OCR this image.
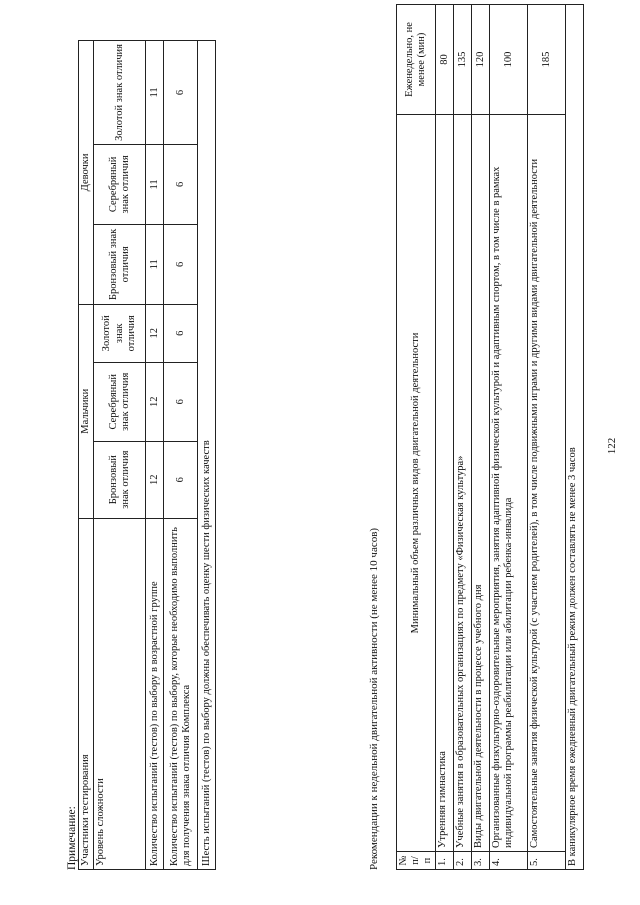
122
Примечание: Участники тестирования	Мальчики			Девочки		
Уровень сложности	Бронзовый знак отличия	Серебряный знак отличия	Золотой знак отличия	Бронзовый знак отличия	Серебряный знак отличия	Золотой знак отличия
Количество испытаний (тестов) по выбору в возрастной группе	12	12	12	11	11	11
Количество испытаний (тестов) по выбору, которые необходимо выполнить для получения знака отличия Комплекса	6	6	6	6	6	6
Шесть испытаний (тестов) по выбору должны обеспечивать оценку шести физических качеств							Рекомендации к недельной двигательной активности (не менее 10 часов) № п/п	Минимальный объем различных видов двигательной деятельности	Еженедельно, не менее (мин)
1.	Утренняя гимнастика	80
2.	Учебные занятия в образовательных организациях по предмету «Физическая культура»	135
3.	Виды двигательной деятельности в процессе учебного дня	120
4.	Организованные физкультурно-оздоровительные мероприятия, занятия адаптивной физической культурой и адаптивным спортом, в том числе в рамках индивидуальной программы реабилитации или абилитации ребенка-инвалида	100
5.	Самостоятельные занятия физической культурой (с участием родителей), в том числе подвижными играми и другими видами двигательной деятельности	185
В каникулярное время ежедневный двигательный режим должен составлять не менее 3 часов		
